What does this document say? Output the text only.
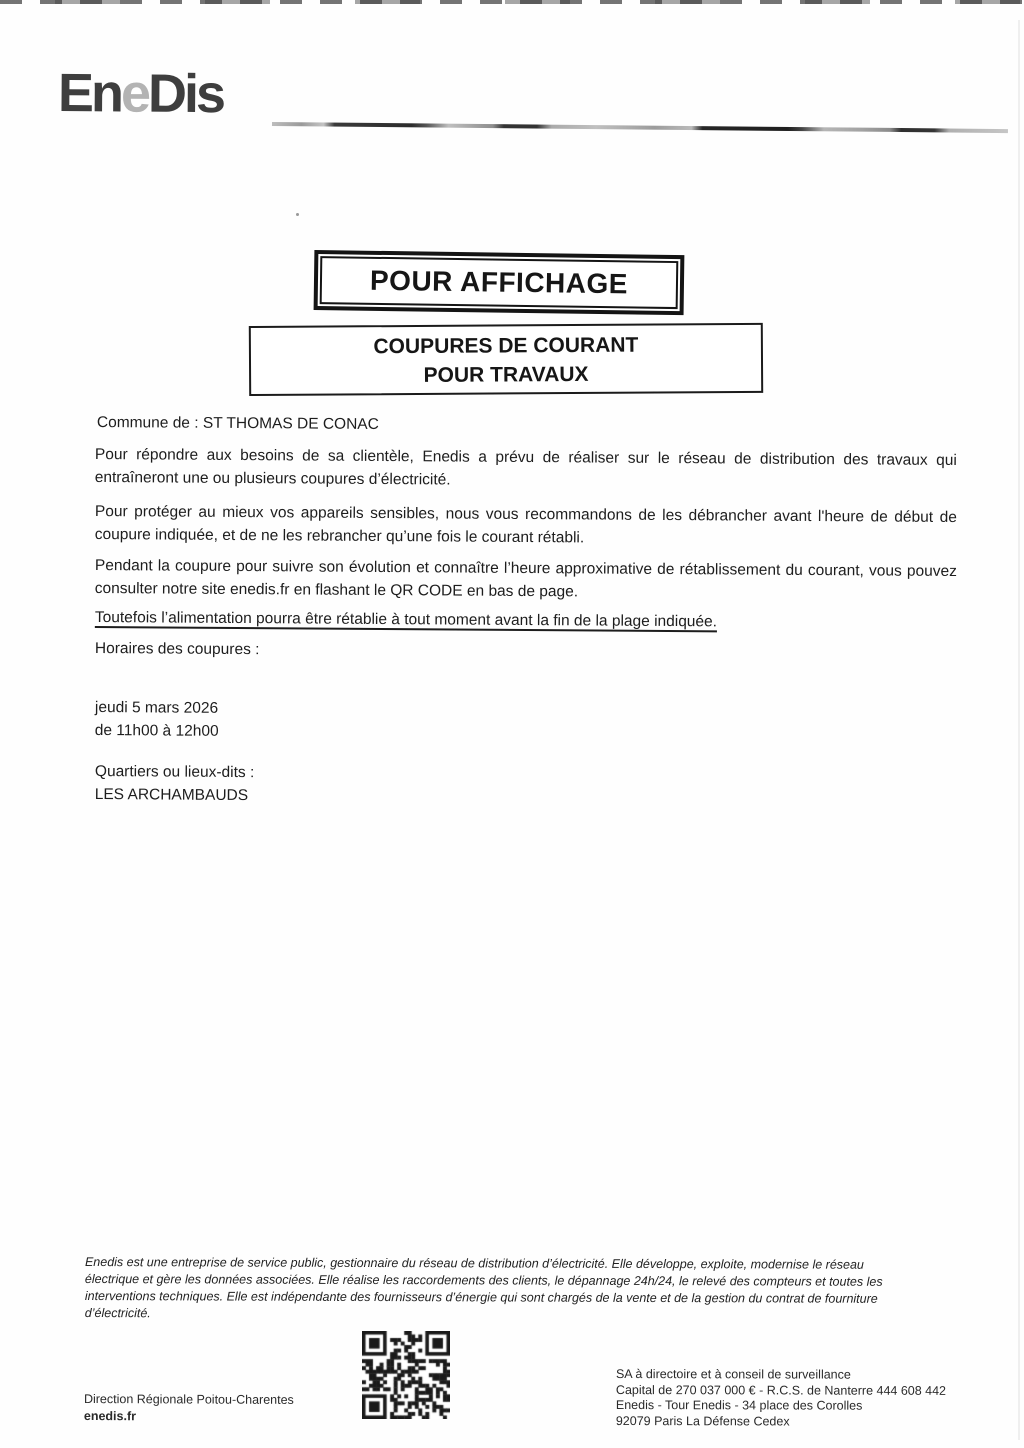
EneDis
POUR AFFICHAGE
COUPURES DE COURANT
POUR TRAVAUX
Commune de : ST THOMAS DE CONAC
Pour répondre aux besoins de sa clientèle, Enedis a prévu de réaliser sur le réseau de distribution des travaux qui entraîneront une ou plusieurs coupures d’électricité.
Pour protéger au mieux vos appareils sensibles, nous vous recommandons de les débrancher avant l'heure de début de coupure indiquée, et de ne les rebrancher qu’une fois le courant rétabli.
Pendant la coupure pour suivre son évolution et connaître l’heure approximative de rétablissement du courant, vous pouvez consulter notre site enedis.fr en flashant le QR CODE en bas de page.
Toutefois l’alimentation pourra être rétablie à tout moment avant la fin de la plage indiquée.
Horaires des coupures :
jeudi 5 mars 2026
de 11h00 à 12h00
Quartiers ou lieux-dits :
LES ARCHAMBAUDS
Enedis est une entreprise de service public, gestionnaire du réseau de distribution d’électricité. Elle développe, exploite, modernise le réseau électrique et gère les données associées. Elle réalise les raccordements des clients, le dépannage 24h/24, le relevé des compteurs et toutes les interventions techniques. Elle est indépendante des fournisseurs d’énergie qui sont chargés de la vente et de la gestion du contrat de fourniture d’électricité.
Direction Régionale Poitou-Charentes
enedis.fr
SA à directoire et à conseil de surveillance
Capital de 270 037 000 € - R.C.S. de Nanterre 444 608 442
Enedis - Tour Enedis - 34 place des Corolles
92079 Paris La Défense Cedex
